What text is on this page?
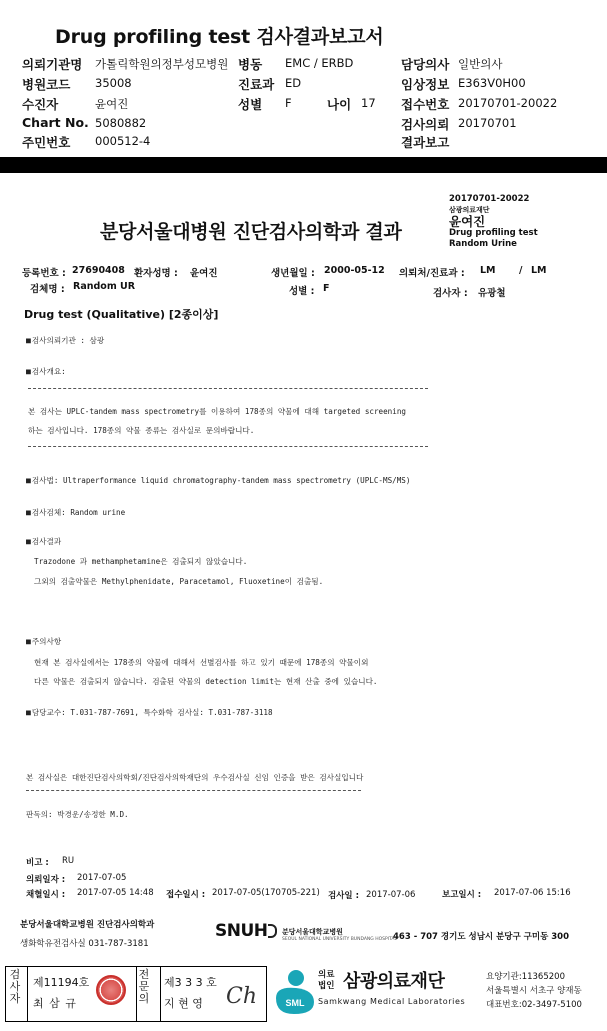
Drug profiling test 검사결과보고서
의뢰기관명 가톨릭학원의정부성모병원 병동 EMC / ERBD	담당의사 일반의사
병원코드 35008	진료과 ED	임상정보 E363V0H00
수진자	윤여진	성별 F	나이 17 접수번호 20170701-20022
Chart No. 5080882	검사의뢰 20170701
주민번호 000512-4	결과보고
20170701-20022
삼광의료재단
윤여진
Drug profiling test
Random Urine
분당서울대병원 진단검사의학과 결과
등록번호 : 27690408 환자성명 : 윤여진	생년월일 : 2000-05-12 의뢰처/진료과 : LM / LM
검체명 : Random UR	성별 : F	검사자 : 유광철
Drug test (Qualitative) [2종이상]
■ 검사의뢰기관 : 삼광
■ 검사개요:
본 검사는 UPLC-tandem mass spectrometry를 이용하여 178종의 약물에 대해 targeted screening
하는 검사입니다. 178종의 약물 종류는 검사실로 문의바랍니다.
■ 검사법: Ultraperformance liquid chromatography-tandem mass spectrometry (UPLC-MS/MS)
■ 검사검체: Random urine
■ 검사결과
Trazodone 과 methamphetamine은 검출되지 않았습니다.
그외의 검출약물은 Methylphenidate, Paracetamol, Fluoxetine이 검출됨.
■ 주의사항
현재 본 검사실에서는 178종의 약물에 대해서 선별검사를 하고 있기 때문에 178종의 약물이외
다른 약물은 검출되지 않습니다. 검출된 약물의 detection limit는 현재 산출 중에 있습니다.
■ 담당교수: T.031-787-7691, 특수화학 검사실: T.031-787-3118
본 검사실은 대한진단검사의학회/진단검사의학재단의 우수검사실 신임 인증을 받은 검사실입니다
판독의: 박경운/송정한 M.D.
비고 : RU
의뢰일자 : 2017-07-05
채혈일시 : 2017-07-05 14:48 접수일시 : 2017-07-05(170705-221) 검사일 : 2017-07-06	보고일시 : 2017-07-06 15:16
분당서울대학교병원 진단검사의학과
생화학유전검사실 031-787-3181
SNUH 분당서울대학교병원
SEOUL NATIONAL UNIVERSITY BUNDANG HOSPITAL
463 - 707 경기도 성남시 분당구 구미동 300
검사자
제11194호
최 삼 규
전문의
제3 3 3 호
지 현 영 Ch	SML
의료
법인 삼광의료재단
Samkwang Medical Laboratories
요양기관:11365200
서울특별시 서초구 양재동
대표번호:02-3497-5100
